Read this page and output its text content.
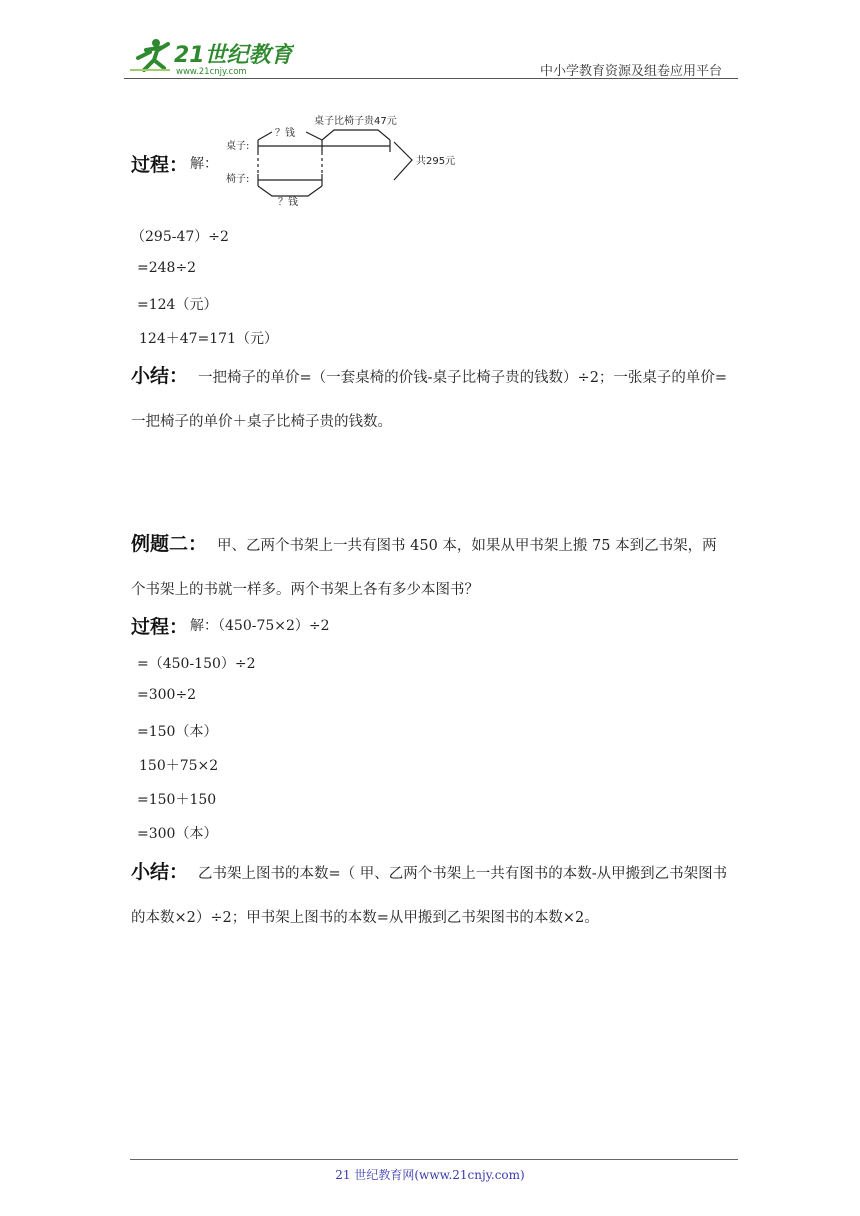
21世纪教育
www.21cnjy.com	中小学教育资源及组卷应用平台
过程： 解：
桌子比椅子贵47元
？钱
桌子:
椅子:
？钱
共295元
（295-47）÷2
=248÷2
=124（元）
124＋47=171（元）
小结： 一把椅子的单价=（一套桌椅的价钱-桌子比椅子贵的钱数）÷2；一张桌子的单价=一把椅子的单价＋桌子比椅子贵的钱数。
例题二： 甲、乙两个书架上一共有图书 450 本，如果从甲书架上搬 75 本到乙书架，两个书架上的书就一样多。两个书架上各有多少本图书？
过程： 解：（450-75×2）÷2
=（450-150）÷2
=300÷2
=150（本）
150＋75×2
=150＋150
=300（本）
小结： 乙书架上图书的本数=（ 甲、乙两个书架上一共有图书的本数-从甲搬到乙书架图书的本数×2）÷2；甲书架上图书的本数=从甲搬到乙书架图书的本数×2。
21 世纪教育网(www.21cnjy.com)
